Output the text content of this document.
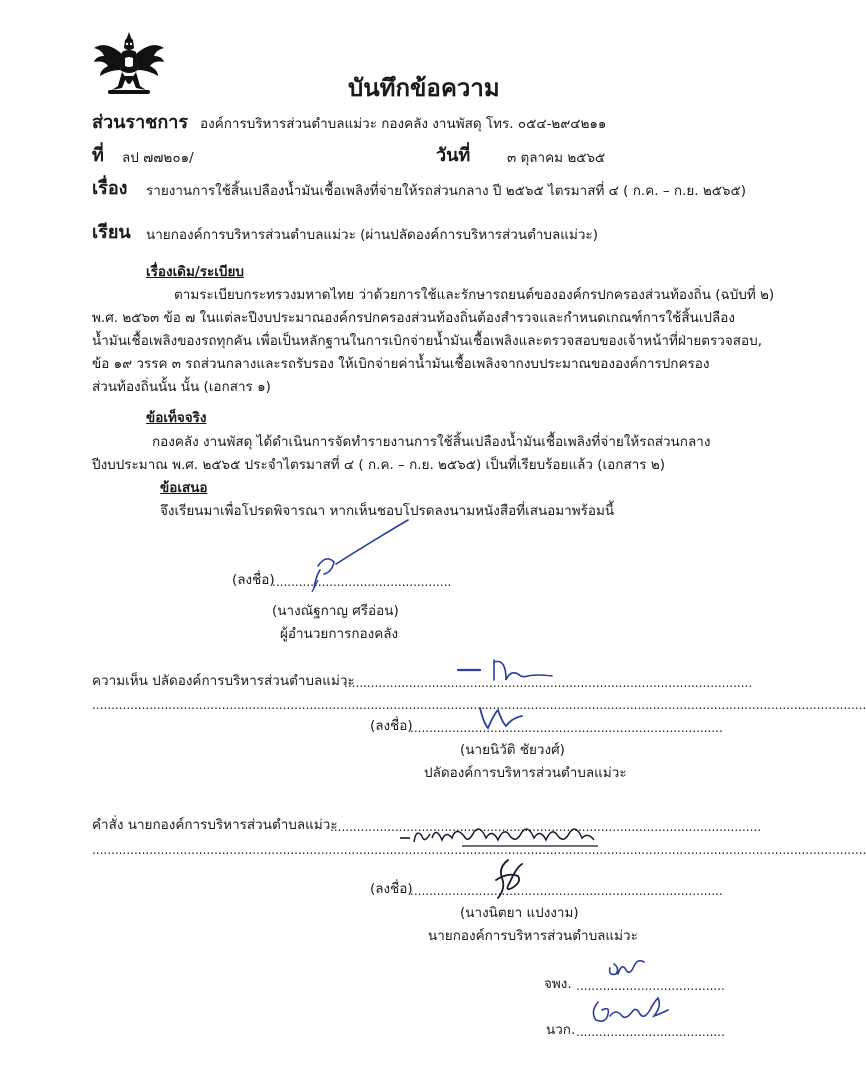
บันทึกข้อความ
ส่วนราชการ องค์การบริหารส่วนตำบลแม่วะ กองคลัง งานพัสดุ โทร. ๐๕๔-๒๙๔๒๑๑
ที่ ลป ๗๗๒๐๑/	วันที่	๓ ตุลาคม ๒๕๖๕
เรื่อง รายงานการใช้สิ้นเปลืองน้ำมันเชื้อเพลิงที่จ่ายให้รถส่วนกลาง ปี ๒๕๖๕ ไตรมาสที่ ๔ ( ก.ค. – ก.ย. ๒๕๖๕)
เรียน นายกองค์การบริหารส่วนตำบลแม่วะ (ผ่านปลัดองค์การบริหารส่วนตำบลแม่วะ)
เรื่องเดิม/ระเบียบ
ตามระเบียบกระทรวงมหาดไทย ว่าด้วยการใช้และรักษารถยนต์ขององค์กรปกครองส่วนท้องถิ่น (ฉบับที่ ๒)
พ.ศ. ๒๕๖๓ ข้อ ๗ ในแต่ละปีงบประมาณองค์กรปกครองส่วนท้องถิ่นต้องสำรวจและกำหนดเกณฑ์การใช้สิ้นเปลือง
น้ำมันเชื้อเพลิงของรถทุกคัน เพื่อเป็นหลักฐานในการเบิกจ่ายน้ำมันเชื้อเพลิงและตรวจสอบของเจ้าหน้าที่ฝ่ายตรวจสอบ,
ข้อ ๑๙ วรรค ๓ รถส่วนกลางและรถรับรอง ให้เบิกจ่ายค่าน้ำมันเชื้อเพลิงจากงบประมาณขององค์การปกครอง
ส่วนท้องถิ่นนั้น นั้น (เอกสาร ๑)
ข้อเท็จจริง
กองคลัง งานพัสดุ ได้ดำเนินการจัดทำรายงานการใช้สิ้นเปลืองน้ำมันเชื้อเพลิงที่จ่ายให้รถส่วนกลาง
ปีงบประมาณ พ.ศ. ๒๕๖๕ ประจำไตรมาสที่ ๔ ( ก.ค. – ก.ย. ๒๕๖๕) เป็นที่เรียบร้อยแล้ว (เอกสาร ๒)
ข้อเสนอ
จึงเรียนมาเพื่อโปรดพิจารณา หากเห็นชอบโปรดลงนามหนังสือที่เสนอมาพร้อมนี้
(ลงชื่อ)
...............................................
(นางณัฐกาญ ศรีอ่อน)
ผู้อำนวยการกองคลัง
ความเห็น ปลัดองค์การบริหารส่วนตำบลแม่วะ
...........................................................................................................
...........................................................................................................................................................................................................
(ลงชื่อ)
..................................................................................
(นายนิวัติ ชัยวงศ์)
ปลัดองค์การบริหารส่วนตำบลแม่วะ
คำสั่ง นายกองค์การบริหารส่วนตำบลแม่วะ
.................................................................................................................
...........................................................................................................................................................................................................
(ลงชื่อ)
..................................................................................
(นางนิตยา แปงงาม)
นายกองค์การบริหารส่วนตำบลแม่วะ
จพง. .......................................
นวก. .......................................
